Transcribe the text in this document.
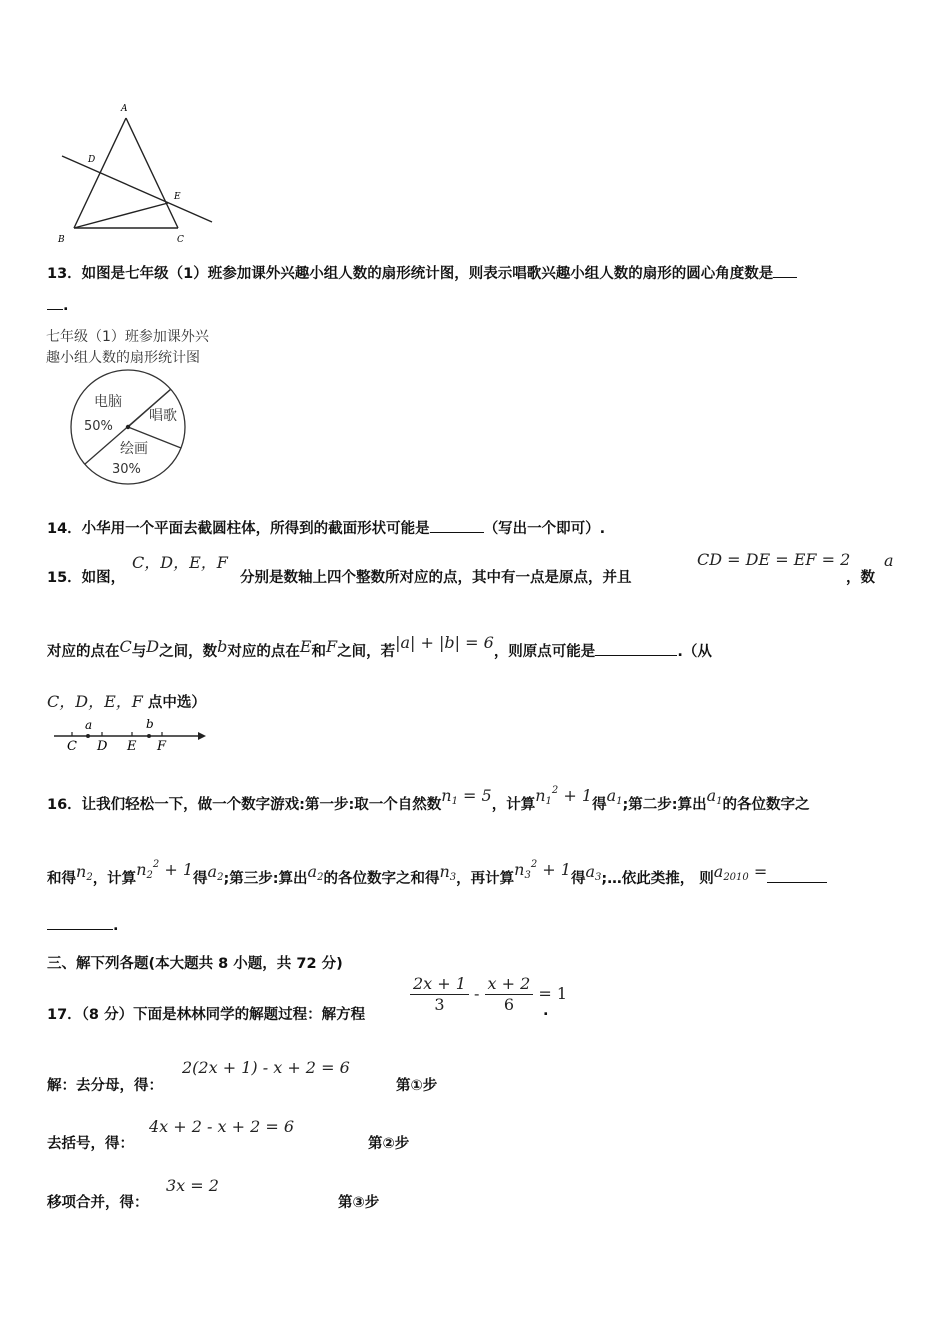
A
D
E
B	C
13．如图是七年级（1）班参加课外兴趣小组人数的扇形统计图，则表示唱歌兴趣小组人数的扇形的圆心角度数是
.
七年级（1）班参加课外兴
趣小组人数的扇形统计图
电脑
50%
唱歌
绘画
30%
14．小华用一个平面去截圆柱体，所得到的截面形状可能是	（写出一个即可）.
15．如图，
C，D，E，F
分别是数轴上四个整数所对应的点，其中有一点是原点，并且
CD = DE = EF = 2
，数
a
对应的点在C与D之间，数b对应的点在E和F之间，若|a| + |b| = 6，则原点可能是	.（从
C，D，E，F 点中选）
a	b
C D E F
16．让我们轻松一下，做一个数字游戏:第一步:取一个自然数$n_1 = 5$，计算$n_1^2 + 1$得$a_1$;第二步:算出$a_1$的各位数字之
和得$n_2$，计算$n_2^2 + 1$得$a_2$;第三步:算出$a_2$的各位数字之和得$n_3$，再计算$n_3^2 + 1$得$a_3;\dots$依此类推， 则$a_{2010}$ =
.
三、解下列各题(本大题共 8 小题，共 72 分)
17．（8 分）下面是林林同学的解题过程：解方程	$\frac{2x + 1}{3} - \frac{x + 2}{6} = 1$
.
解：去分母，得：
2(2x + 1) - x + 2 = 6
第①步
去括号，得：
4x + 2 - x + 2 = 6
第②步
移项合并，得：
3x = 2
第③步
